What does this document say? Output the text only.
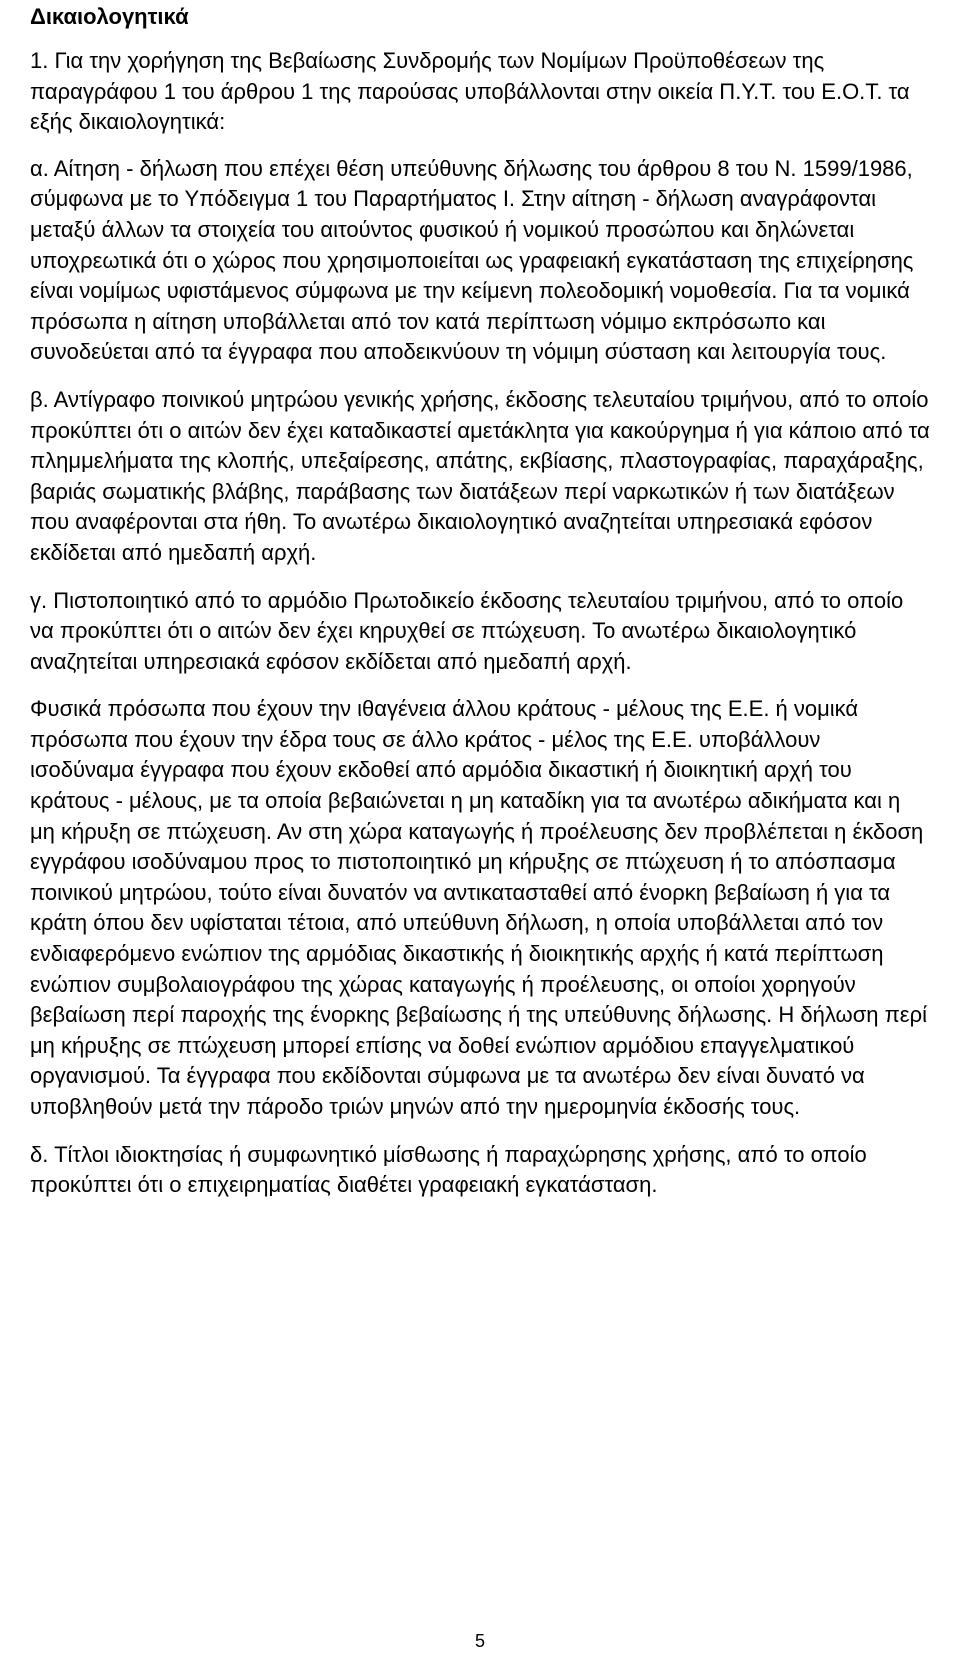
Δικαιολογητικά

1. Για την χορήγηση της Βεβαίωσης Συνδρομής των Νομίμων Προϋποθέσεων της παραγράφου 1 του άρθρου 1 της παρούσας υποβάλλονται στην οικεία Π.Υ.Τ. του Ε.Ο.Τ. τα εξής δικαιολογητικά:

α. Αίτηση - δήλωση που επέχει θέση υπεύθυνης δήλωσης του άρθρου 8 του Ν. 1599/1986, σύμφωνα με το Υπόδειγμα 1 του Παραρτήματος Ι. Στην αίτηση - δήλωση αναγράφονται μεταξύ άλλων τα στοιχεία του αιτούντος φυσικού ή νομικού προσώπου και δηλώνεται υποχρεωτικά ότι ο χώρος που χρησιμοποιείται ως γραφειακή εγκατάσταση της επιχείρησης είναι νομίμως υφιστάμενος σύμφωνα με την κείμενη πολεοδομική νομοθεσία. Για τα νομικά πρόσωπα η αίτηση υποβάλλεται από τον κατά περίπτωση νόμιμο εκπρόσωπο και συνοδεύεται από τα έγγραφα που αποδεικνύουν τη νόμιμη σύσταση και λειτουργία τους.

β. Αντίγραφο ποινικού μητρώου γενικής χρήσης, έκδοσης τελευταίου τριμήνου, από το οποίο προκύπτει ότι ο αιτών δεν έχει καταδικαστεί αμετάκλητα για κακούργημα ή για κάποιο από τα πλημμελήματα της κλοπής, υπεξαίρεσης, απάτης, εκβίασης, πλαστογραφίας, παραχάραξης, βαριάς σωματικής βλάβης, παράβασης των διατάξεων περί ναρκωτικών ή των διατάξεων που αναφέρονται στα ήθη. Το ανωτέρω δικαιολογητικό αναζητείται υπηρεσιακά εφόσον εκδίδεται από ημεδαπή αρχή.

γ. Πιστοποιητικό από το αρμόδιο Πρωτοδικείο έκδοσης τελευταίου τριμήνου, από το οποίο να προκύπτει ότι ο αιτών δεν έχει κηρυχθεί σε πτώχευση. Το ανωτέρω δικαιολογητικό αναζητείται υπηρεσιακά εφόσον εκδίδεται από ημεδαπή αρχή.

Φυσικά πρόσωπα που έχουν την ιθαγένεια άλλου κράτους - μέλους της Ε.Ε. ή νομικά πρόσωπα που έχουν την έδρα τους σε άλλο κράτος - μέλος της Ε.Ε. υποβάλλουν ισοδύναμα έγγραφα που έχουν εκδοθεί από αρμόδια δικαστική ή διοικητική αρχή του κράτους - μέλους, με τα οποία βεβαιώνεται η μη καταδίκη για τα ανωτέρω αδικήματα και η μη κήρυξη σε πτώχευση. Αν στη χώρα καταγωγής ή προέλευσης δεν προβλέπεται η έκδοση εγγράφου ισοδύναμου προς το πιστοποιητικό μη κήρυξης σε πτώχευση ή το απόσπασμα ποινικού μητρώου, τούτο είναι δυνατόν να αντικατασταθεί από ένορκη βεβαίωση ή για τα κράτη όπου δεν υφίσταται τέτοια, από υπεύθυνη δήλωση, η οποία υποβάλλεται από τον ενδιαφερόμενο ενώπιον της αρμόδιας δικαστικής ή διοικητικής αρχής ή κατά περίπτωση ενώπιον συμβολαιογράφου της χώρας καταγωγής ή προέλευσης, οι οποίοι χορηγούν βεβαίωση περί παροχής της ένορκης βεβαίωσης ή της υπεύθυνης δήλωσης. Η δήλωση περί μη κήρυξης σε πτώχευση μπορεί επίσης να δοθεί ενώπιον αρμόδιου επαγγελματικού οργανισμού. Τα έγγραφα που εκδίδονται σύμφωνα με τα ανωτέρω δεν είναι δυνατό να υποβληθούν μετά την πάροδο τριών μηνών από την ημερομηνία έκδοσής τους.

δ. Τίτλοι ιδιοκτησίας ή συμφωνητικό μίσθωσης ή παραχώρησης χρήσης, από το οποίο προκύπτει ότι ο επιχειρηματίας διαθέτει γραφειακή εγκατάσταση.

5
